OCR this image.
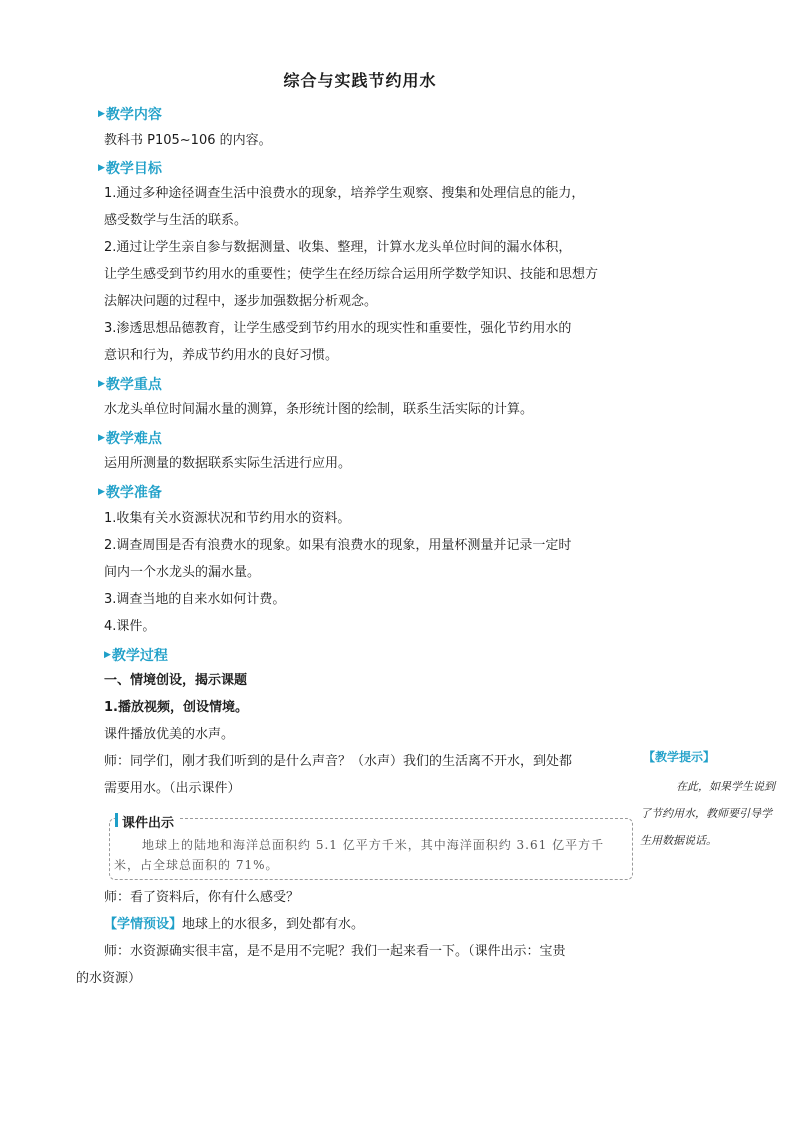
综合与实践节约用水
▶ 教学内容
教科书 P105~106 的内容。
▶ 教学目标
1.通过多种途径调查生活中浪费水的现象，培养学生观察、搜集和处理信息的能力，
感受数学与生活的联系。
2.通过让学生亲自参与数据测量、收集、整理，计算水龙头单位时间的漏水体积，
让学生感受到节约用水的重要性；使学生在经历综合运用所学数学知识、技能和思想方
法解决问题的过程中，逐步加强数据分析观念。
3.渗透思想品德教育，让学生感受到节约用水的现实性和重要性，强化节约用水的
意识和行为，养成节约用水的良好习惯。
▶ 教学重点
水龙头单位时间漏水量的测算，条形统计图的绘制，联系生活实际的计算。
▶ 教学难点
运用所测量的数据联系实际生活进行应用。
▶ 教学准备
1.收集有关水资源状况和节约用水的资料。
2.调查周围是否有浪费水的现象。如果有浪费水的现象，用量杯测量并记录一定时
间内一个水龙头的漏水量。
3.调查当地的自来水如何计费。
4.课件。
▶ 教学过程
一、情境创设，揭示课题
1.播放视频，创设情境。
课件播放优美的水声。
师：同学们，刚才我们听到的是什么声音？（水声）我们的生活离不开水，到处都
需要用水。（出示课件）
课件出示
地球上的陆地和海洋总面积约 5.1 亿平方千米，其中海洋面积约 3.61 亿平方千米，占全球总面积的 71%。
师：看了资料后，你有什么感受？
【学情预设】地球上的水很多，到处都有水。
师：水资源确实很丰富，是不是用不完呢？我们一起来看一下。（课件出示：宝贵
的水资源）
【教学提示】
在此，如果学生说到了节约用水，教师要引导学生用数据说话。
